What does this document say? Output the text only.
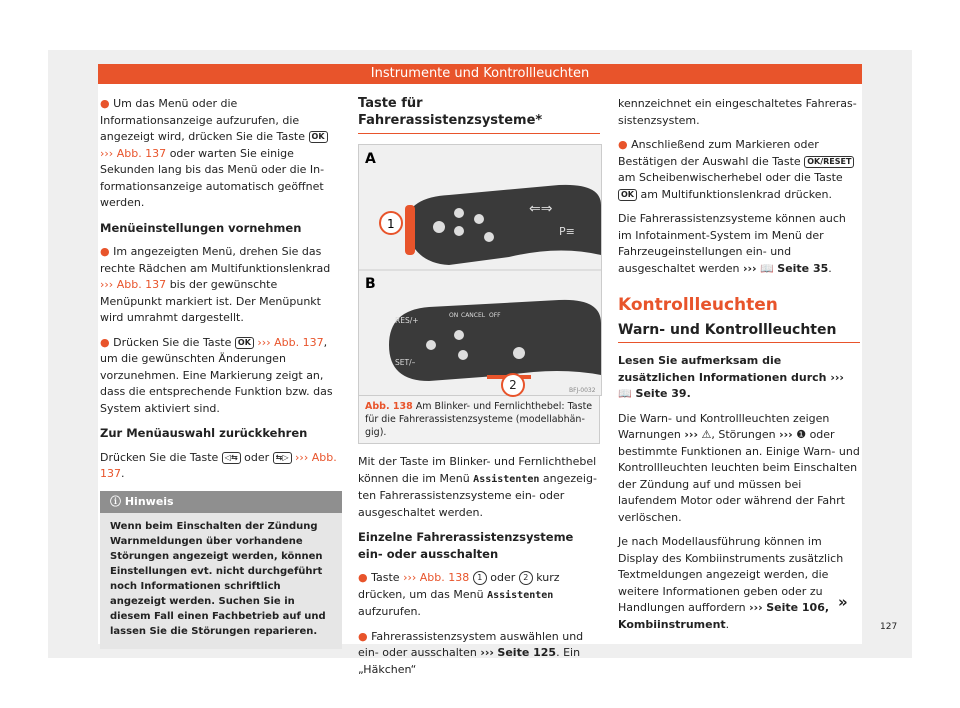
Instrumente und Kontrollleuchten

● Um das Menü oder die Informationsanzeige aufzurufen, die angezeigt wird, drücken Sie die Taste OK ››› Abb. 137 oder warten Sie einige Sekunden lang bis das Menü oder die Informationsanzeige automatisch geöffnet werden.

Menüeinstellungen vornehmen

● Im angezeigten Menü, drehen Sie das rechte Rädchen am Multifunktionslenkrad ››› Abb. 137 bis der gewünschte Menüpunkt markiert ist. Der Menüpunkt wird umrahmt dargestellt.

● Drücken Sie die Taste OK ››› Abb. 137, um die gewünschten Änderungen vorzunehmen. Eine Markierung zeigt an, dass die entsprechende Funktion bzw. das System aktiviert sind.

Zur Menüauswahl zurückkehren

Drücken Sie die Taste ◁⇆ oder ⇆▷ ››› Abb. 137.

ⓘ Hinweis
Wenn beim Einschalten der Zündung Warnmeldungen über vorhandene Störungen angezeigt werden, können Einstellungen evt. nicht durchgeführt noch Informationen schriftlich angezeigt werden. Suchen Sie in diesem Fall einen Fachbetrieb auf und lassen Sie die Störungen reparieren.
Taste für Fahrerassistenzsysteme*
A
B
⇐⇒
P≡
1
RES/+
ON CANCEL OFF
SET/–
BFJ-0032
2
Abb. 138 Am Blinker- und Fernlichthebel: Taste für die Fahrerassistenzsysteme (modellabhängig).

Mit der Taste im Blinker- und Fernlichthebel können die im Menü Assistenten angezeigten Fahrerassistenzsysteme ein- oder ausgeschaltet werden.

Einzelne Fahrerassistenzsysteme ein- oder ausschalten

● Taste ››› Abb. 138 1 oder 2 kurz drücken, um das Menü Assistenten aufzurufen.

● Fahrerassistenzsystem auswählen und ein- oder ausschalten ››› Seite 125. Ein „Häkchen“

kennzeichnet ein eingeschaltetes Fahrerassistenzsystem.

● Anschließend zum Markieren oder Bestätigen der Auswahl die Taste OK/RESET am Scheibenwischerhebel oder die Taste OK am Multifunktionslenkrad drücken.

Die Fahrerassistenzsysteme können auch im Infotainment-System im Menü der Fahrzeugeinstellungen ein- und ausgeschaltet werden ››› 📖 Seite 35.

Kontrollleuchten
Warn- und Kontrollleuchten

Lesen Sie aufmerksam die zusätzlichen Informationen durch ››› 📖 Seite 39.

Die Warn- und Kontrollleuchten zeigen Warnungen ››› ⚠, Störungen ››› ❶ oder bestimmte Funktionen an. Einige Warn- und Kontrollleuchten leuchten beim Einschalten der Zündung auf und müssen bei laufendem Motor oder während der Fahrt verlöschen.

Je nach Modellausführung können im Display des Kombiinstruments zusätzlich Textmeldungen angezeigt werden, die weitere Informationen geben oder zu Handlungen auffordern ››› Seite 106, Kombiinstrument.

»
127
